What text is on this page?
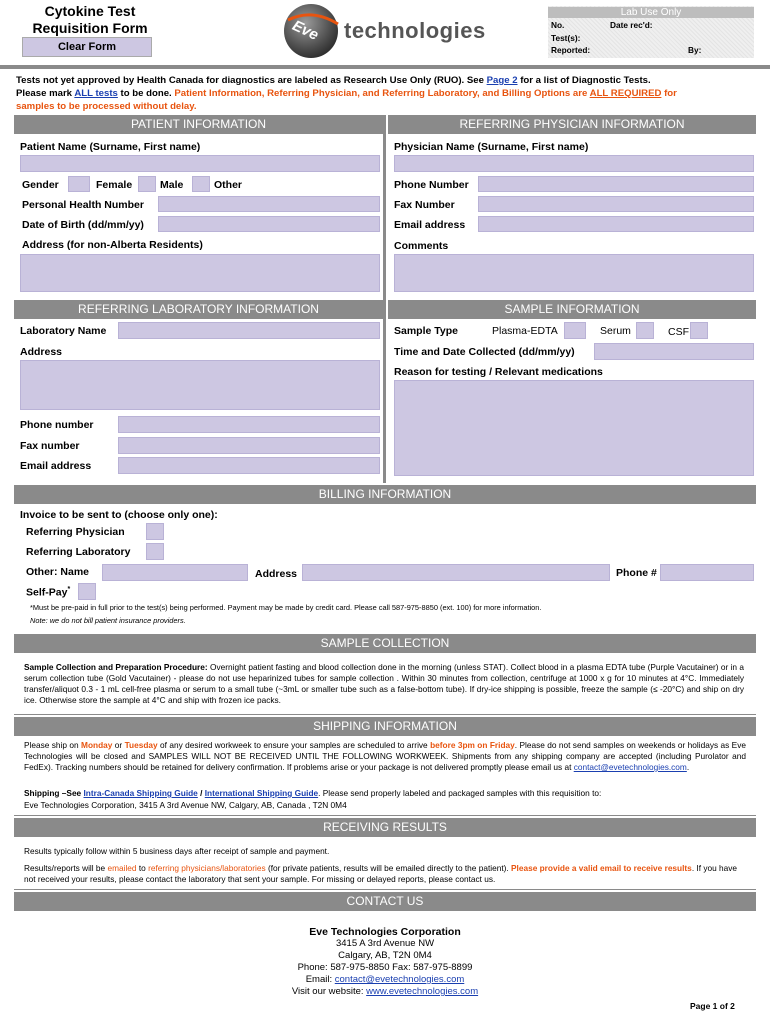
Cytokine Test
Requisition Form
Clear Form
Eve technologies
Lab Use Only
No.	Date rec'd:
Test(s):
Reported:	By:
Tests not yet approved by Health Canada for diagnostics are labeled as Research Use Only (RUO). See Page 2 for a list of Diagnostic Tests.
Please mark ALL tests to be done. Patient Information, Referring Physician, and Referring Laboratory, and Billing Options are ALL REQUIRED for
samples to be processed without delay.
PATIENT INFORMATION	REFERRING PHYSICIAN INFORMATION
Patient Name (Surname, First name)
Gender	Female	Male	Other
Personal Health Number
Date of Birth (dd/mm/yy)
Address (for non-Alberta Residents)
Physician Name (Surname, First name)
Phone Number
Fax Number
Email address
Comments
REFERRING LABORATORY INFORMATION	SAMPLE INFORMATION
Laboratory Name
Address
Phone number
Fax number
Email address
Sample Type	Plasma-EDTA	Serum	CSF
Time and Date Collected (dd/mm/yy)
Reason for testing / Relevant medications
BILLING INFORMATION
Invoice to be sent to (choose only one):
Referring Physician
Referring Laboratory
Other: Name	Address	Phone #
Self-Pay*
*Must be pre-paid in full prior to the test(s) being performed. Payment may be made by credit card. Please call 587-975-8850 (ext. 100) for more information.
Note: we do not bill patient insurance providers.
SAMPLE COLLECTION
Sample Collection and Preparation Procedure: Overnight patient fasting and blood collection done in the morning (unless STAT). Collect blood in a plasma EDTA tube (Purple Vacutainer) or in a serum collection tube (Gold Vacutainer) - please do not use heparinized tubes for sample collection . Within 30 minutes from collection, centrifuge at 1000 x g for 10 minutes at 4°C. Immediately transfer/aliquot 0.3 - 1 mL cell-free plasma or serum to a small tube (~3mL or smaller tube such as a false-bottom tube). If dry-ice shipping is possible, freeze the sample (≤ -20°C) and ship on dry ice. Otherwise store the sample at 4°C and ship with frozen ice packs.
SHIPPING INFORMATION
Please ship on Monday or Tuesday of any desired workweek to ensure your samples are scheduled to arrive before 3pm on Friday. Please do not send samples on weekends or holidays as Eve Technologies will be closed and SAMPLES WILL NOT BE RECEIVED UNTIL THE FOLLOWING WORKWEEK. Shipments from any shipping company are accepted (including Purolator and FedEx). Tracking numbers should be retained for delivery confirmation. If problems arise or your package is not delivered promptly please email us at contact@evetechnologies.com.
Shipping –See Intra-Canada Shipping Guide / International Shipping Guide. Please send properly labeled and packaged samples with this requisition to:
Eve Technologies Corporation, 3415 A 3rd Avenue NW, Calgary, AB, Canada , T2N 0M4
RECEIVING RESULTS
Results typically follow within 5 business days after receipt of sample and payment.
Results/reports will be emailed to referring physicians/laboratories (for private patients, results will be emailed directly to the patient). Please provide a valid email to receive results. If you have not received your results, please contact the laboratory that sent your sample. For missing or delayed reports, please contact us.
CONTACT US
Eve Technologies Corporation
3415 A 3rd Avenue NW
Calgary, AB, T2N 0M4
Phone: 587-975-8850 Fax: 587-975-8899
Email: contact@evetechnologies.com
Visit our website: www.evetechnologies.com
Page 1 of 2
